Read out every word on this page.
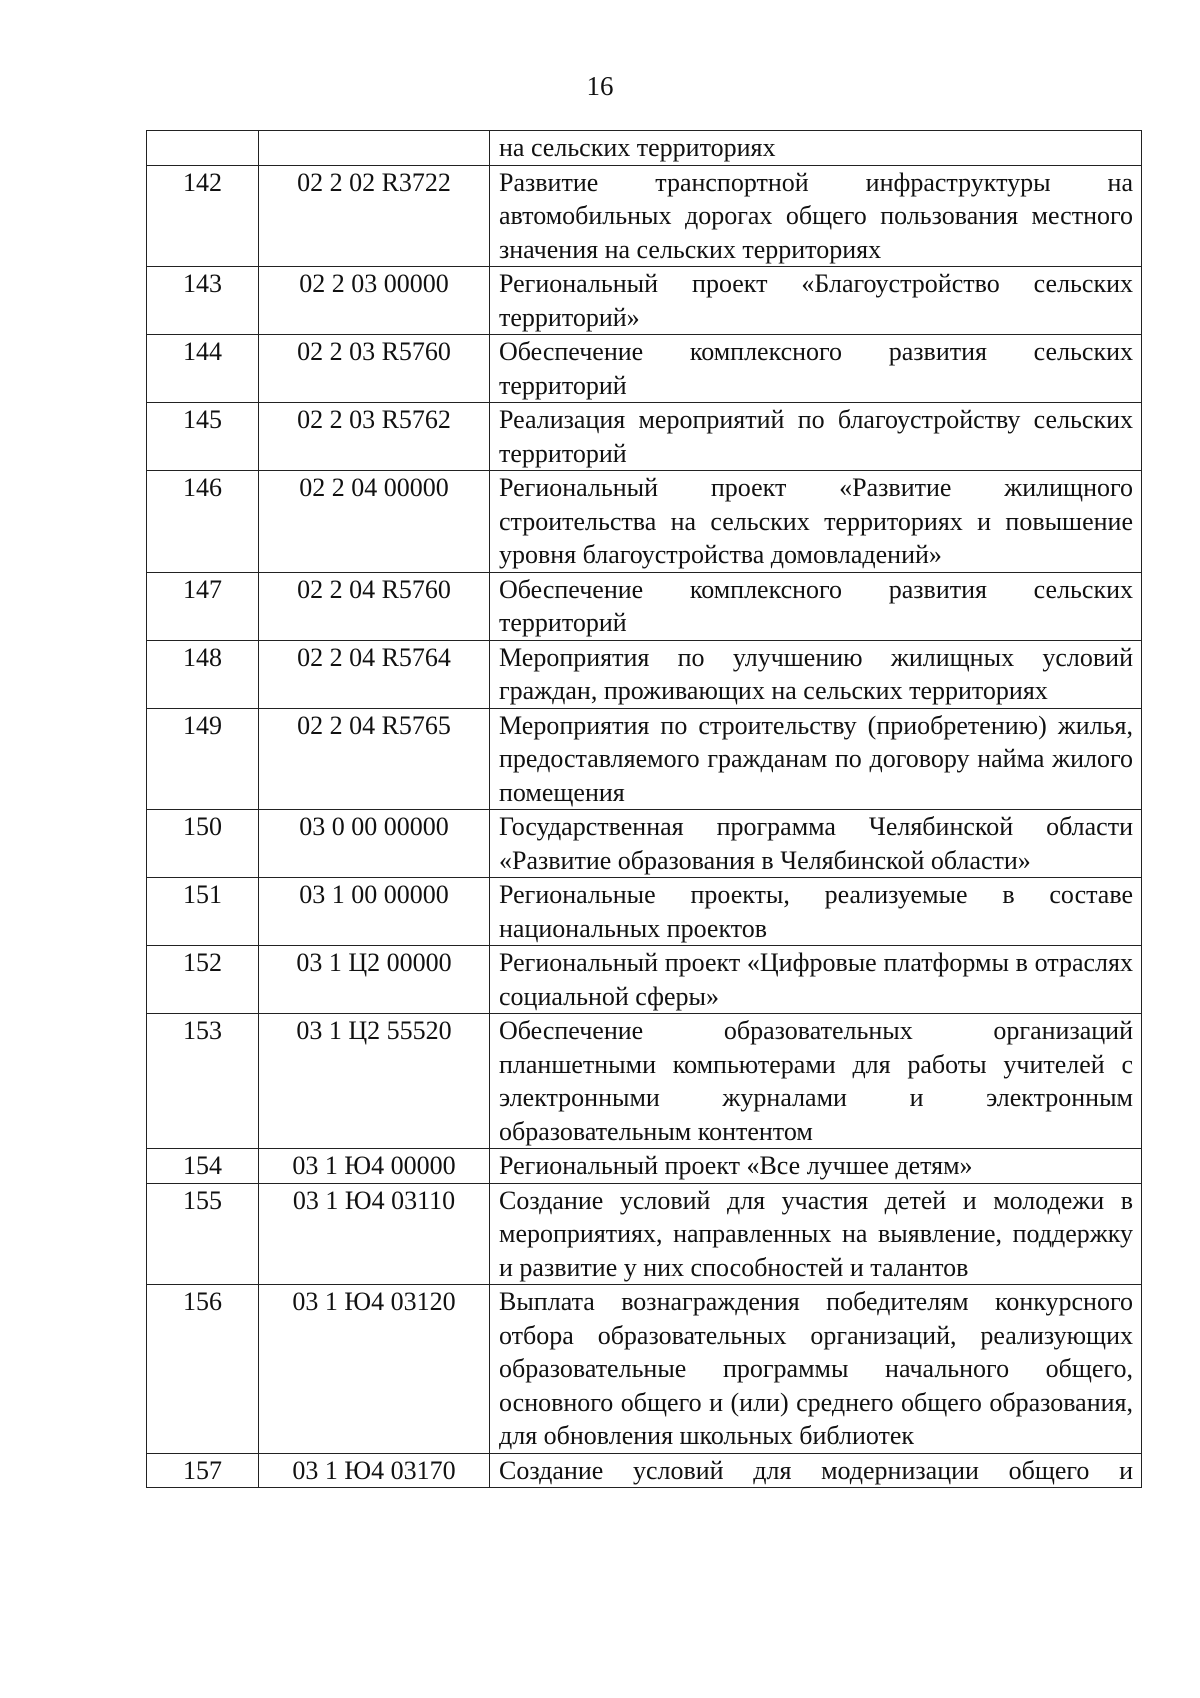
16
		на сельских территориях
142	02 2 02 R3722	Развитие транспортной инфраструктуры на автомобильных дорогах общего пользования местного значения на сельских территориях
143	02 2 03 00000	Региональный проект «Благоустройство сельских территорий»
144	02 2 03 R5760	Обеспечение комплексного развития сельских территорий
145	02 2 03 R5762	Реализация мероприятий по благоустройству сельских территорий
146	02 2 04 00000	Региональный проект «Развитие жилищного строительства на сельских территориях и повышение уровня благоустройства домовладений»
147	02 2 04 R5760	Обеспечение комплексного развития сельских территорий
148	02 2 04 R5764	Мероприятия по улучшению жилищных условий граждан, проживающих на сельских территориях
149	02 2 04 R5765	Мероприятия по строительству (приобретению) жилья, предоставляемого гражданам по договору найма жилого помещения
150	03 0 00 00000	Государственная программа Челябинской области «Развитие образования в Челябинской области»
151	03 1 00 00000	Региональные проекты, реализуемые в составе национальных проектов
152	03 1 Ц2 00000	Региональный проект «Цифровые платформы в отраслях социальной сферы»
153	03 1 Ц2 55520	Обеспечение образовательных организаций планшетными компьютерами для работы учителей с электронными журналами и электронным образовательным контентом
154	03 1 Ю4 00000	Региональный проект «Все лучшее детям»
155	03 1 Ю4 03110	Создание условий для участия детей и молодежи в мероприятиях, направленных на выявление, поддержку и развитие у них способностей и талантов
156	03 1 Ю4 03120	Выплата вознаграждения победителям конкурсного отбора образовательных организаций, реализующих образовательные программы начального общего, основного общего и (или) среднего общего образования, для обновления школьных библиотек
157	03 1 Ю4 03170	Создание условий для модернизации общего и
